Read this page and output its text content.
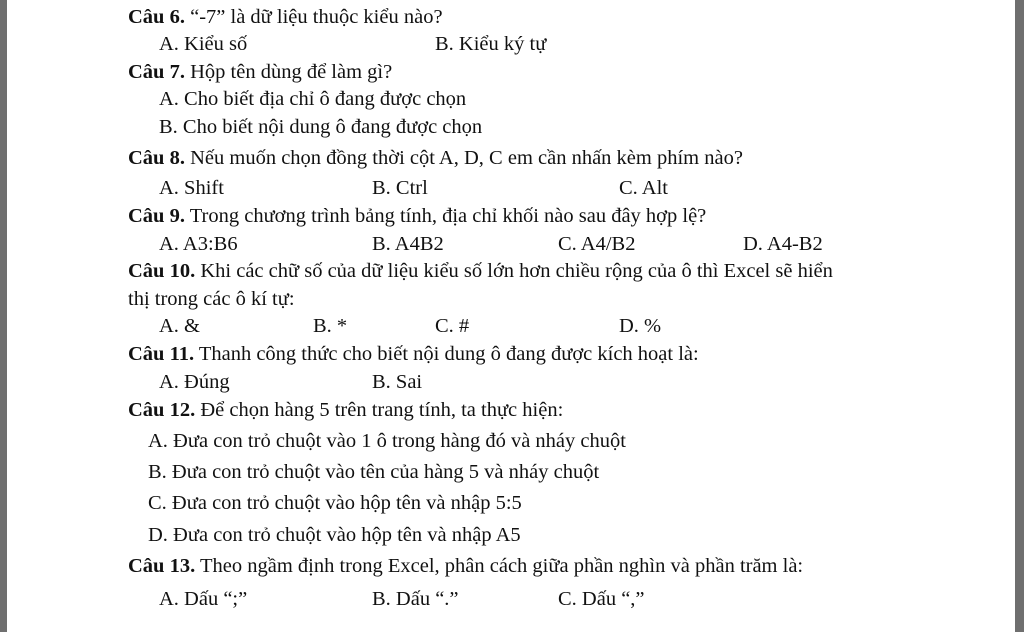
Câu 6. “-7” là dữ liệu thuộc kiểu nào?
A. Kiểu số	B. Kiểu ký tự
Câu 7. Hộp tên dùng để làm gì?
A. Cho biết địa chỉ ô đang được chọn
B. Cho biết nội dung ô đang được chọn
Câu 8. Nếu muốn chọn đồng thời cột A, D, C em cần nhấn kèm phím nào?
A. Shift	B. Ctrl	C. Alt
Câu 9. Trong chương trình bảng tính, địa chỉ khối nào sau đây hợp lệ?
A. A3:B6	B. A4B2	C. A4/B2	D. A4-B2
Câu 10. Khi các chữ số của dữ liệu kiểu số lớn hơn chiều rộng của ô thì Excel sẽ hiển
thị trong các ô kí tự:
A. &	B. *	C. #	D. %
Câu 11. Thanh công thức cho biết nội dung ô đang được kích hoạt là:
A. Đúng	B. Sai
Câu 12. Để chọn hàng 5 trên trang tính, ta thực hiện:
A. Đưa con trỏ chuột vào 1 ô trong hàng đó và nháy chuột
B. Đưa con trỏ chuột vào tên của hàng 5 và nháy chuột
C. Đưa con trỏ chuột vào hộp tên và nhập 5:5
D. Đưa con trỏ chuột vào hộp tên và nhập A5
Câu 13. Theo ngầm định trong Excel, phân cách giữa phần nghìn và phần trăm là:
A. Dấu “;”	B. Dấu “.”	C. Dấu “,”
